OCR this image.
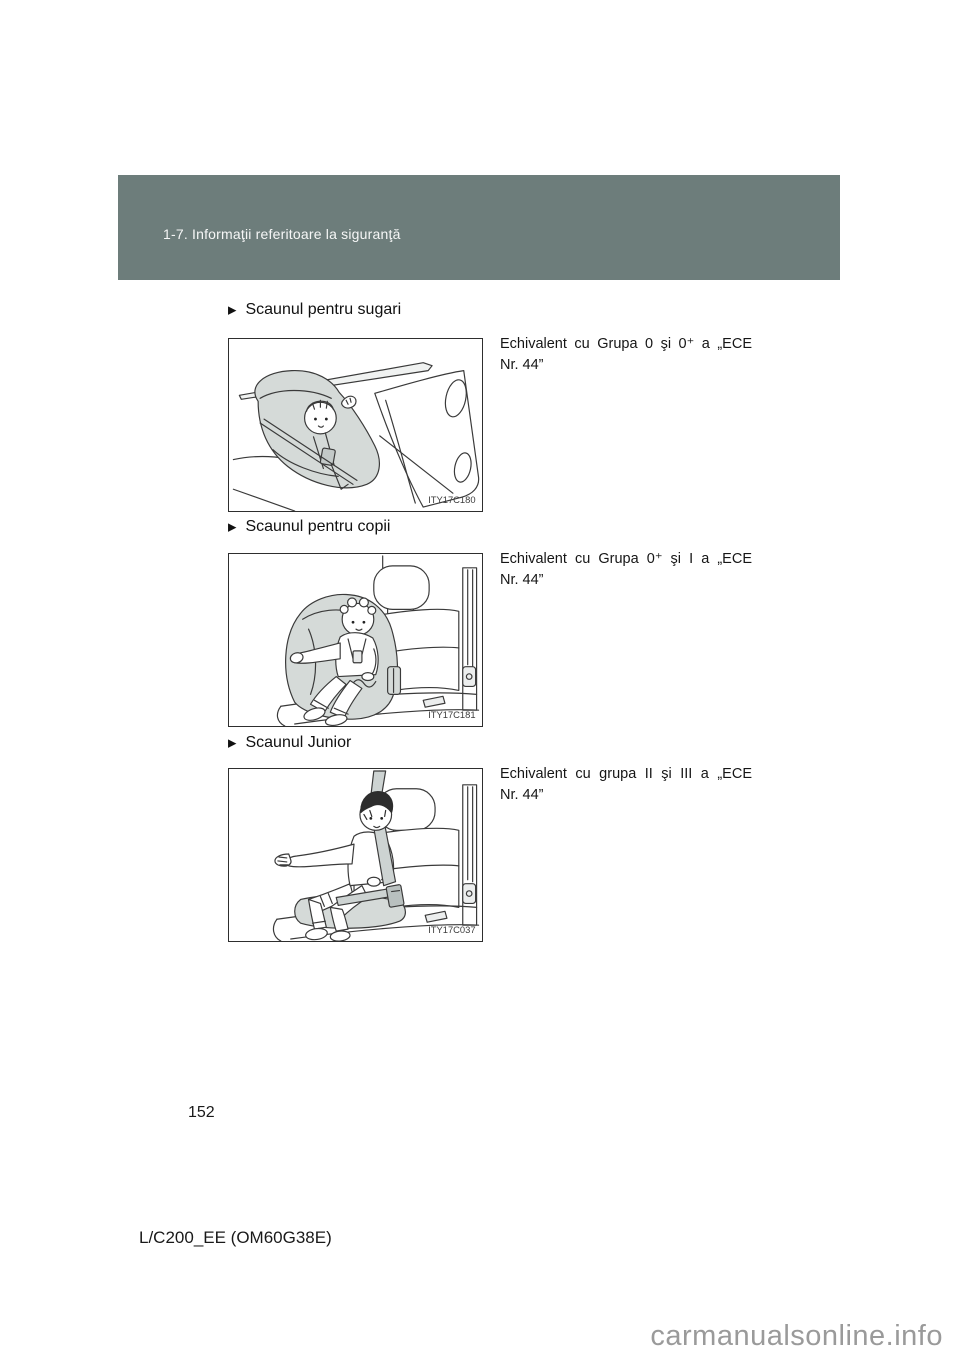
1-7. Informaţii referitoare la siguranţă
▶ Scaunul pentru sugari
ITY17C180
Echivalent cu Grupa 0 şi 0⁺ a „ECE
Nr. 44”
▶ Scaunul pentru copii
ITY17C181
Echivalent cu Grupa 0⁺ şi I a „ECE
Nr. 44”
▶ Scaunul Junior
ITY17C037
Echivalent cu grupa II şi III a „ECE
Nr. 44”
152
L/C200_EE (OM60G38E)
carmanualsonline.info
